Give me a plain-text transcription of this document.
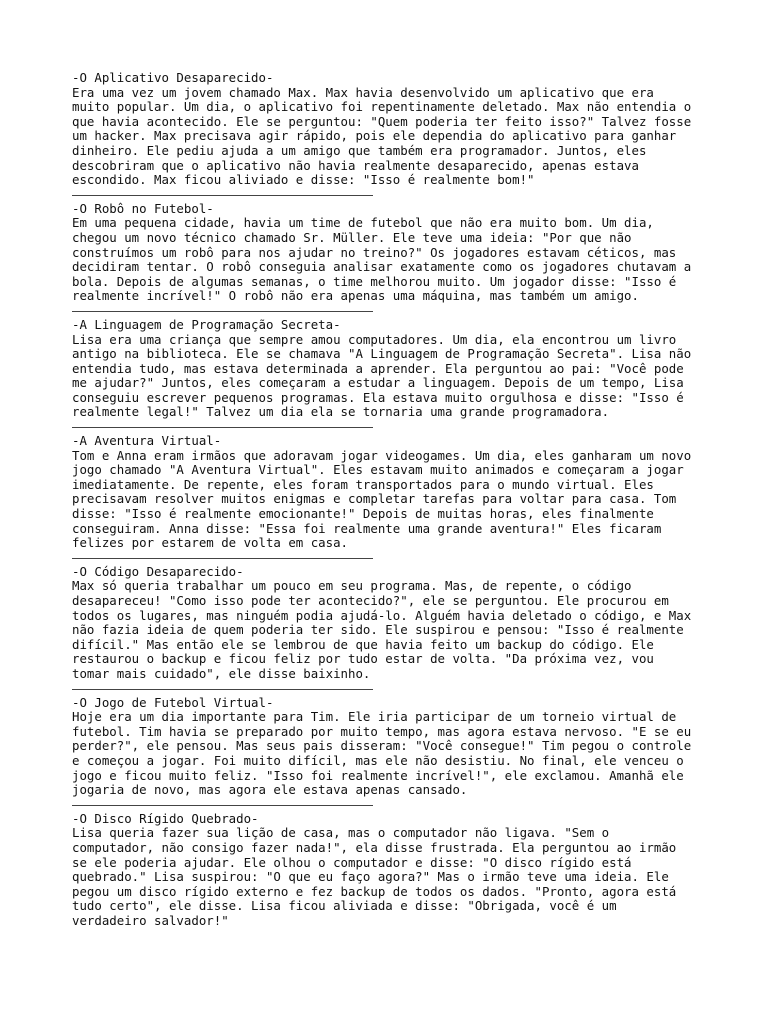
-O Aplicativo Desaparecido-
Era uma vez um jovem chamado Max. Max havia desenvolvido um aplicativo que era
muito popular. Um dia, o aplicativo foi repentinamente deletado. Max não entendia o
que havia acontecido. Ele se perguntou: "Quem poderia ter feito isso?" Talvez fosse
um hacker. Max precisava agir rápido, pois ele dependia do aplicativo para ganhar
dinheiro. Ele pediu ajuda a um amigo que também era programador. Juntos, eles
descobriram que o aplicativo não havia realmente desaparecido, apenas estava
escondido. Max ficou aliviado e disse: "Isso é realmente bom!"
-O Robô no Futebol-
Em uma pequena cidade, havia um time de futebol que não era muito bom. Um dia,
chegou um novo técnico chamado Sr. Müller. Ele teve uma ideia: "Por que não
construímos um robô para nos ajudar no treino?" Os jogadores estavam céticos, mas
decidiram tentar. O robô conseguia analisar exatamente como os jogadores chutavam a
bola. Depois de algumas semanas, o time melhorou muito. Um jogador disse: "Isso é
realmente incrível!" O robô não era apenas uma máquina, mas também um amigo.
-A Linguagem de Programação Secreta-
Lisa era uma criança que sempre amou computadores. Um dia, ela encontrou um livro
antigo na biblioteca. Ele se chamava "A Linguagem de Programação Secreta". Lisa não
entendia tudo, mas estava determinada a aprender. Ela perguntou ao pai: "Você pode
me ajudar?" Juntos, eles começaram a estudar a linguagem. Depois de um tempo, Lisa
conseguiu escrever pequenos programas. Ela estava muito orgulhosa e disse: "Isso é
realmente legal!" Talvez um dia ela se tornaria uma grande programadora.
-A Aventura Virtual-
Tom e Anna eram irmãos que adoravam jogar videogames. Um dia, eles ganharam um novo
jogo chamado "A Aventura Virtual". Eles estavam muito animados e começaram a jogar
imediatamente. De repente, eles foram transportados para o mundo virtual. Eles
precisavam resolver muitos enigmas e completar tarefas para voltar para casa. Tom
disse: "Isso é realmente emocionante!" Depois de muitas horas, eles finalmente
conseguiram. Anna disse: "Essa foi realmente uma grande aventura!" Eles ficaram
felizes por estarem de volta em casa.
-O Código Desaparecido-
Max só queria trabalhar um pouco em seu programa. Mas, de repente, o código
desapareceu! "Como isso pode ter acontecido?", ele se perguntou. Ele procurou em
todos os lugares, mas ninguém podia ajudá-lo. Alguém havia deletado o código, e Max
não fazia ideia de quem poderia ter sido. Ele suspirou e pensou: "Isso é realmente
difícil." Mas então ele se lembrou de que havia feito um backup do código. Ele
restaurou o backup e ficou feliz por tudo estar de volta. "Da próxima vez, vou
tomar mais cuidado", ele disse baixinho.
-O Jogo de Futebol Virtual-
Hoje era um dia importante para Tim. Ele iria participar de um torneio virtual de
futebol. Tim havia se preparado por muito tempo, mas agora estava nervoso. "E se eu
perder?", ele pensou. Mas seus pais disseram: "Você consegue!" Tim pegou o controle
e começou a jogar. Foi muito difícil, mas ele não desistiu. No final, ele venceu o
jogo e ficou muito feliz. "Isso foi realmente incrível!", ele exclamou. Amanhã ele
jogaria de novo, mas agora ele estava apenas cansado.
-O Disco Rígido Quebrado-
Lisa queria fazer sua lição de casa, mas o computador não ligava. "Sem o
computador, não consigo fazer nada!", ela disse frustrada. Ela perguntou ao irmão
se ele poderia ajudar. Ele olhou o computador e disse: "O disco rígido está
quebrado." Lisa suspirou: "O que eu faço agora?" Mas o irmão teve uma ideia. Ele
pegou um disco rígido externo e fez backup de todos os dados. "Pronto, agora está
tudo certo", ele disse. Lisa ficou aliviada e disse: "Obrigada, você é um
verdadeiro salvador!"
